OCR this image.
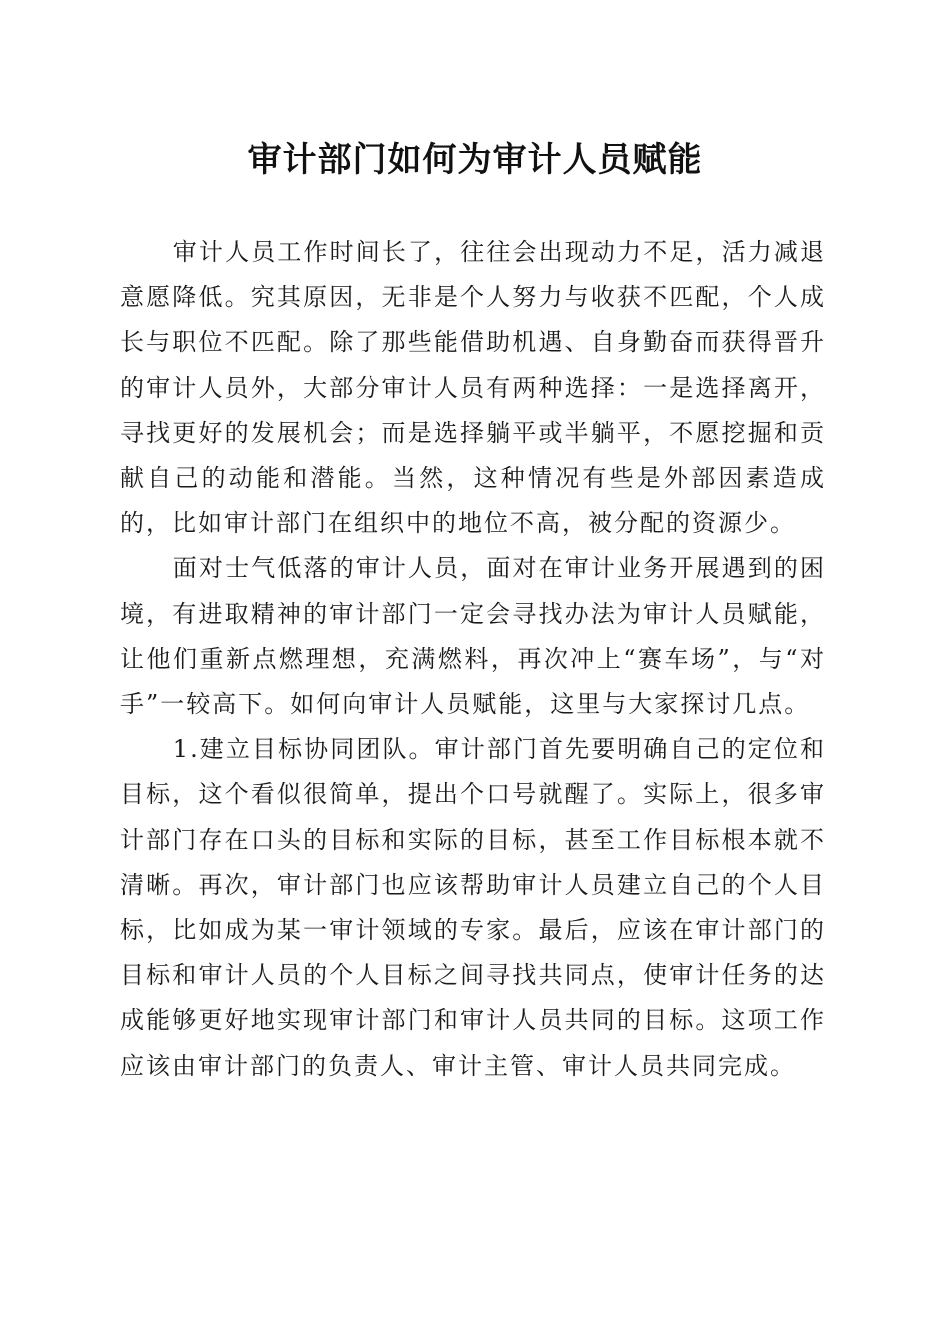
审计部门如何为审计人员赋能

审计人员工作时间长了，往往会出现动力不足，活力减退意愿降低。究其原因，无非是个人努力与收获不匹配，个人成长与职位不匹配。除了那些能借助机遇、自身勤奋而获得晋升的审计人员外，大部分审计人员有两种选择：一是选择离开，寻找更好的发展机会；而是选择躺平或半躺平，不愿挖掘和贡献自己的动能和潜能。当然，这种情况有些是外部因素造成的，比如审计部门在组织中的地位不高，被分配的资源少。

面对士气低落的审计人员，面对在审计业务开展遇到的困境，有进取精神的审计部门一定会寻找办法为审计人员赋能，让他们重新点燃理想，充满燃料，再次冲上“赛车场”，与“对手”一较高下。如何向审计人员赋能，这里与大家探讨几点。

1.建立目标协同团队。审计部门首先要明确自己的定位和目标，这个看似很简单，提出个口号就醒了。实际上，很多审计部门存在口头的目标和实际的目标，甚至工作目标根本就不清晰。再次，审计部门也应该帮助审计人员建立自己的个人目标，比如成为某一审计领域的专家。最后，应该在审计部门的目标和审计人员的个人目标之间寻找共同点，使审计任务的达成能够更好地实现审计部门和审计人员共同的目标。这项工作应该由审计部门的负责人、审计主管、审计人员共同完成。
